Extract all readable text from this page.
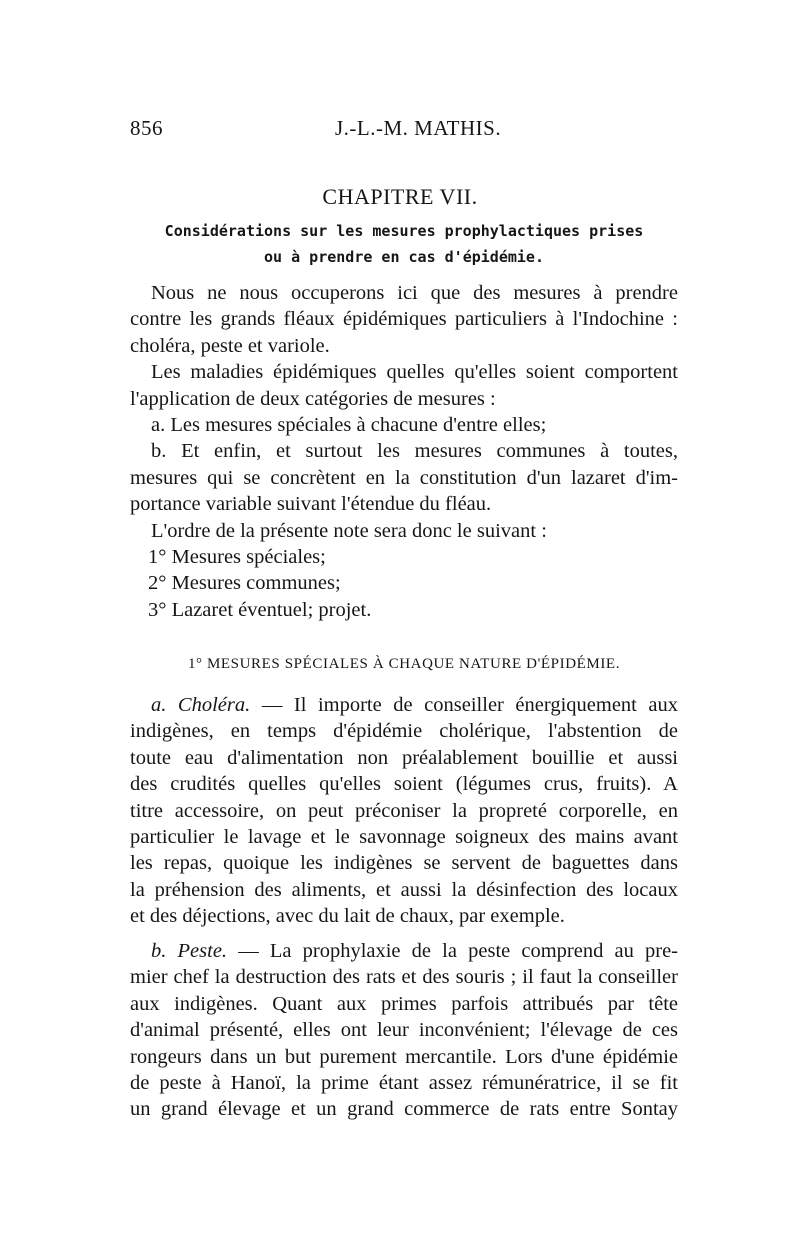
856	J.-L.-M. MATHIS.
CHAPITRE VII.
Considérations sur les mesures prophylactiques prises
ou à prendre en cas d'épidémie.
Nous ne nous occuperons ici que des mesures à prendre
contre les grands fléaux épidémiques particuliers à l'Indochine :
choléra, peste et variole.
Les maladies épidémiques quelles qu'elles soient comportent
l'application de deux catégories de mesures :
a. Les mesures spéciales à chacune d'entre elles;
b. Et enfin, et surtout les mesures communes à toutes,
mesures qui se concrètent en la constitution d'un lazaret d'im-
portance variable suivant l'étendue du fléau.
L'ordre de la présente note sera donc le suivant :
1° Mesures spéciales;
2° Mesures communes;
3° Lazaret éventuel; projet.
1° MESURES SPÉCIALES À CHAQUE NATURE D'ÉPIDÉMIE.
a. Choléra. — Il importe de conseiller énergiquement aux
indigènes, en temps d'épidémie cholérique, l'abstention de
toute eau d'alimentation non préalablement bouillie et aussi
des crudités quelles qu'elles soient (légumes crus, fruits). A
titre accessoire, on peut préconiser la propreté corporelle, en
particulier le lavage et le savonnage soigneux des mains avant
les repas, quoique les indigènes se servent de baguettes dans
la préhension des aliments, et aussi la désinfection des locaux
et des déjections, avec du lait de chaux, par exemple.
b. Peste. — La prophylaxie de la peste comprend au pre-
mier chef la destruction des rats et des souris ; il faut la conseiller
aux indigènes. Quant aux primes parfois attribués par tête
d'animal présenté, elles ont leur inconvénient; l'élevage de ces
rongeurs dans un but purement mercantile. Lors d'une épidémie
de peste à Hanoï, la prime étant assez rémunératrice, il se fit
un grand élevage et un grand commerce de rats entre Sontay
